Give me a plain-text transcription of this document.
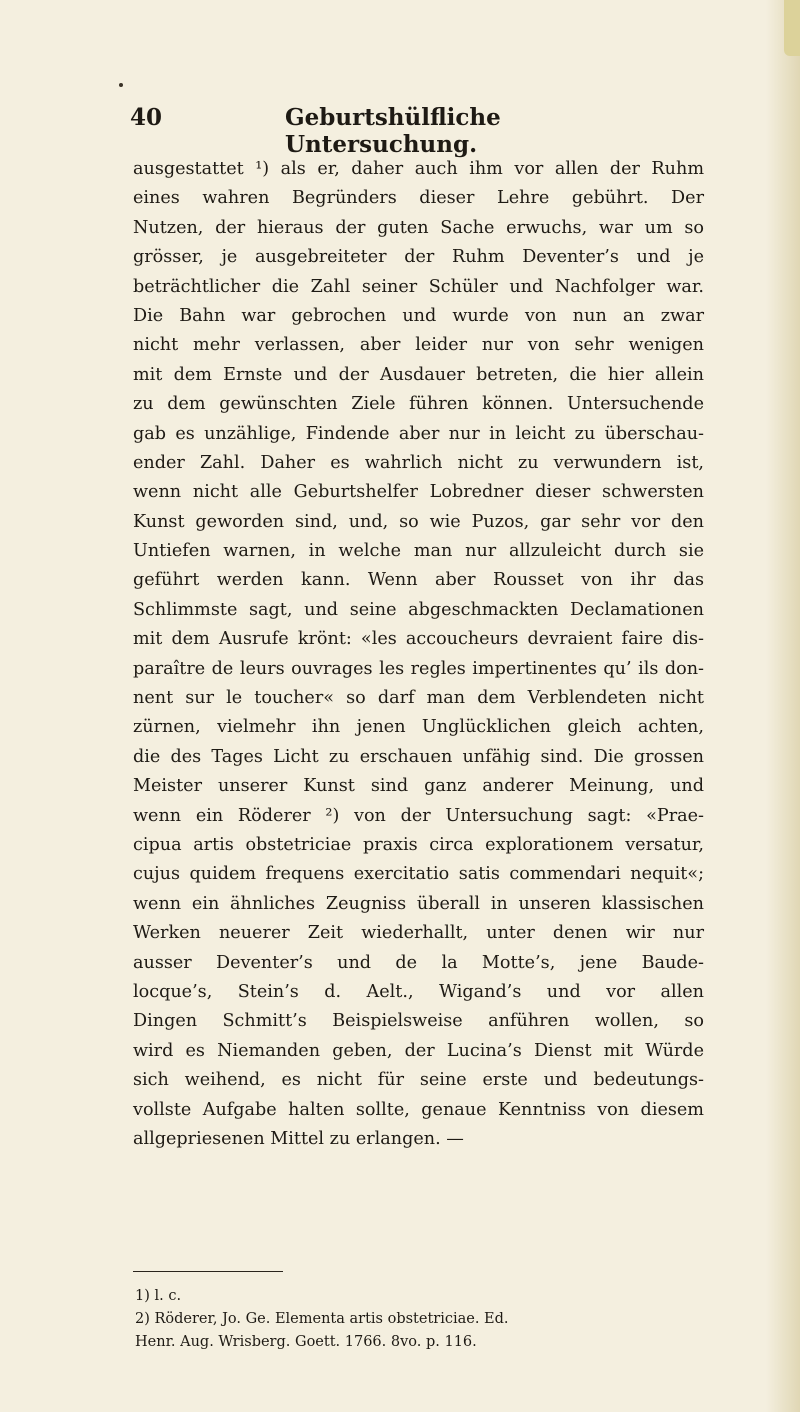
40	Geburtshülfliche Untersuchung.
ausgestattet ¹) als er, daher auch ihm vor allen der Ruhm
eines wahren Begründers dieser Lehre gebührt. Der
Nutzen, der hieraus der guten Sache erwuchs, war um so
grösser, je ausgebreiteter der Ruhm Deventer’s und je
beträchtlicher die Zahl seiner Schüler und Nachfolger war.
Die Bahn war gebrochen und wurde von nun an zwar
nicht mehr verlassen, aber leider nur von sehr wenigen
mit dem Ernste und der Ausdauer betreten, die hier allein
zu dem gewünschten Ziele führen können. Untersuchende
gab es unzählige, Findende aber nur in leicht zu überschau-
ender Zahl. Daher es wahrlich nicht zu verwundern ist,
wenn nicht alle Geburtshelfer Lobredner dieser schwersten
Kunst geworden sind, und, so wie Puzos, gar sehr vor den
Untiefen warnen, in welche man nur allzuleicht durch sie
geführt werden kann. Wenn aber Rousset von ihr das
Schlimmste sagt, und seine abgeschmackten Declamationen
mit dem Ausrufe krönt: «les accoucheurs devraient faire dis-
paraître de leurs ouvrages les regles impertinentes qu’ ils don-
nent sur le toucher« so darf man dem Verblendeten nicht
zürnen, vielmehr ihn jenen Unglücklichen gleich achten,
die des Tages Licht zu erschauen unfähig sind. Die grossen
Meister unserer Kunst sind ganz anderer Meinung, und
wenn ein Röderer ²) von der Untersuchung sagt: «Prae-
cipua artis obstetriciae praxis circa explorationem versatur,
cujus quidem frequens exercitatio satis commendari nequit«;
wenn ein ähnliches Zeugniss überall in unseren klassischen
Werken neuerer Zeit wiederhallt, unter denen wir nur
ausser Deventer’s und de la Motte’s, jene Baude-
locque’s, Stein’s d. Aelt., Wigand’s und vor allen
Dingen Schmitt’s Beispielsweise anführen wollen, so
wird es Niemanden geben, der Lucina’s Dienst mit Würde
sich weihend, es nicht für seine erste und bedeutungs-
vollste Aufgabe halten sollte, genaue Kenntniss von diesem
allgepriesenen Mittel zu erlangen. —
1) l. c.
2) Röderer, Jo. Ge. Elementa artis obstetriciae. Ed.
Henr. Aug. Wrisberg. Goett. 1766. 8vo. p. 116.
